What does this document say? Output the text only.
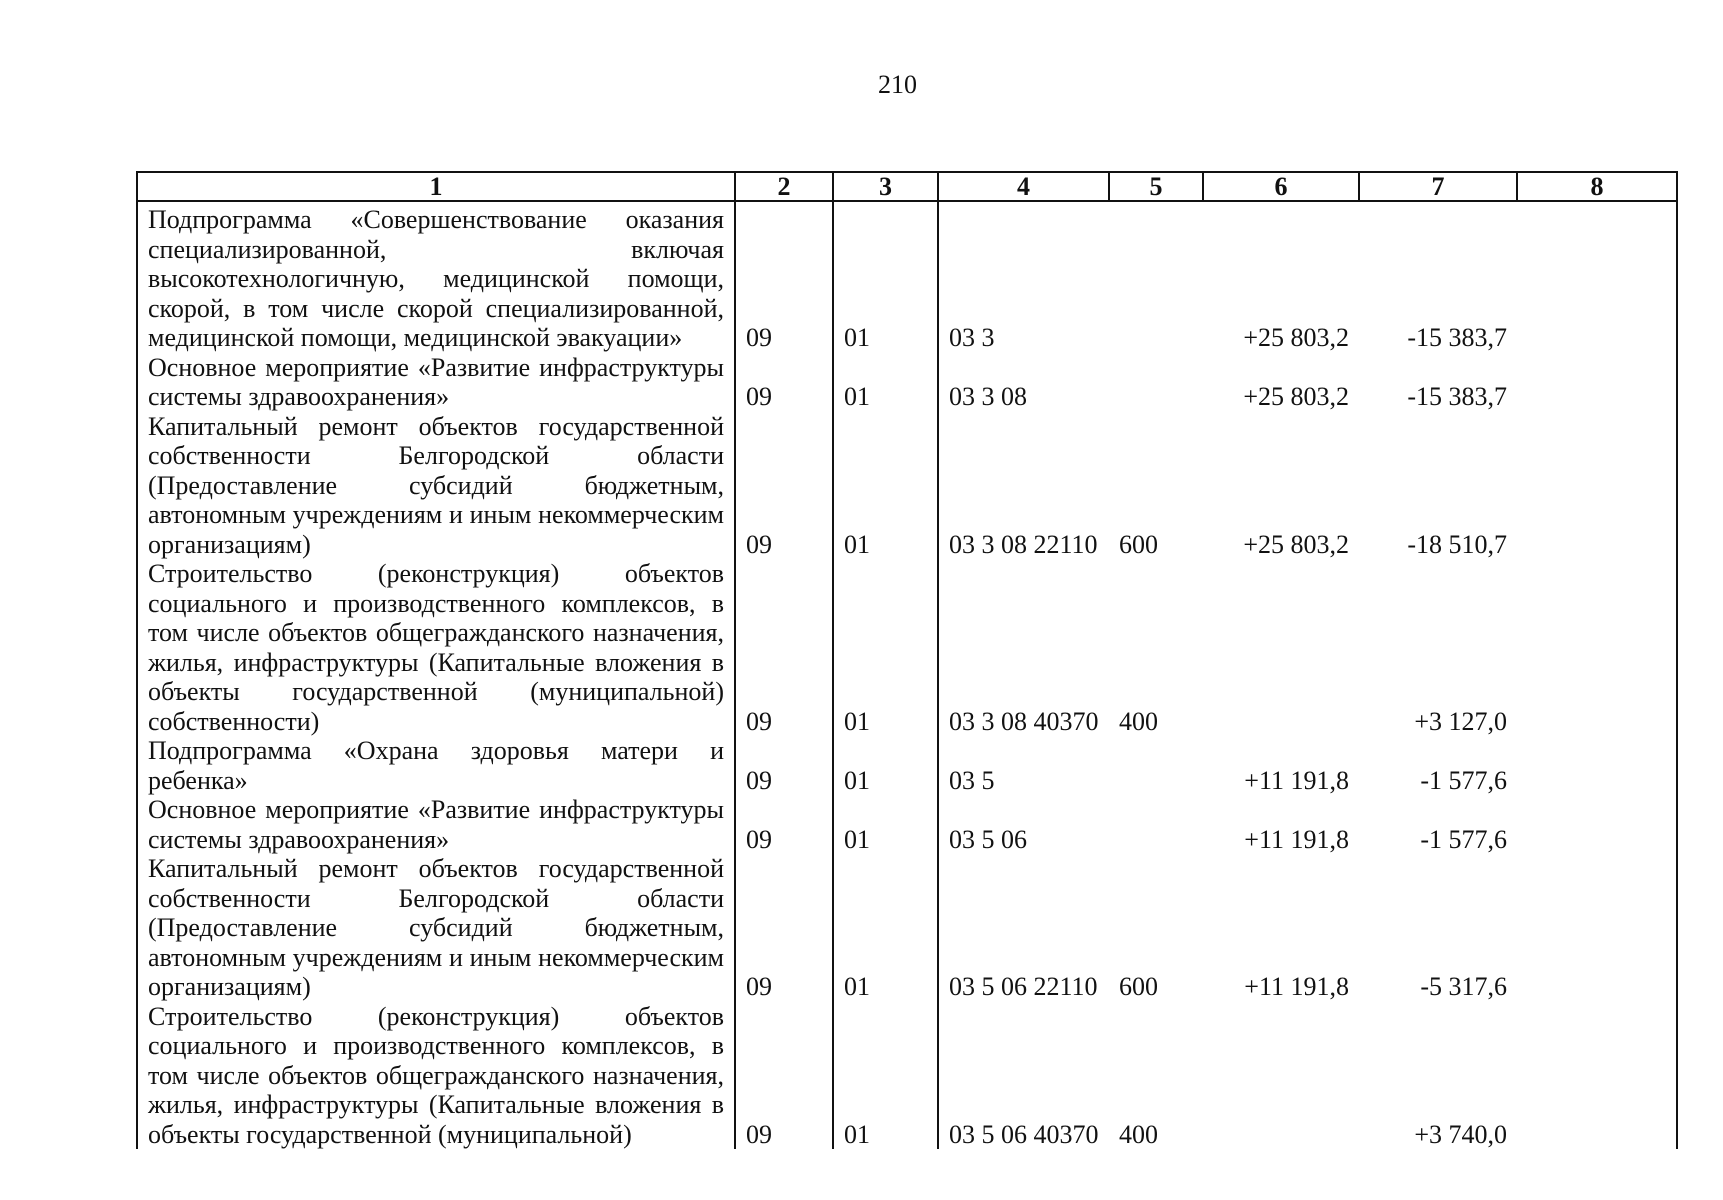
210
1	2	3	4	5	6	7	8
Подпрограмма «Совершенствование оказания специализированной, включая высокотехнологичную, медицинской помощи, скорой, в том числе скорой специализированной, медицинской помощи, медицинской эвакуации»	09	01	03 3		+25 803,2	-15 383,7	
Основное мероприятие «Развитие инфраструктуры системы здравоохранения»	09	01	03 3 08		+25 803,2	-15 383,7	
Капитальный ремонт объектов государственной собственности Белгородской области (Предоставление субсидий бюджетным, автономным учреждениям и иным некоммерческим организациям)	09	01	03 3 08 22110	600	+25 803,2	-18 510,7	
Строительство (реконструкция) объектов социального и производственного комплексов, в том числе объектов общегражданского назначения, жилья, инфраструктуры (Капитальные вложения в объекты государственной (муниципальной) собственности)	09	01	03 3 08 40370	400		+3 127,0	
Подпрограмма «Охрана здоровья матери и ребенка»	09	01	03 5		+11 191,8	-1 577,6	
Основное мероприятие «Развитие инфраструктуры системы здравоохранения»	09	01	03 5 06		+11 191,8	-1 577,6	
Капитальный ремонт объектов государственной собственности Белгородской области (Предоставление субсидий бюджетным, автономным учреждениям и иным некоммерческим организациям)	09	01	03 5 06 22110	600	+11 191,8	-5 317,6	
Строительство (реконструкция) объектов социального и производственного комплексов, в том числе объектов общегражданского назначения, жилья, инфраструктуры (Капитальные вложения в объекты государственной (муниципальной)	09	01	03 5 06 40370	400		+3 740,0	
